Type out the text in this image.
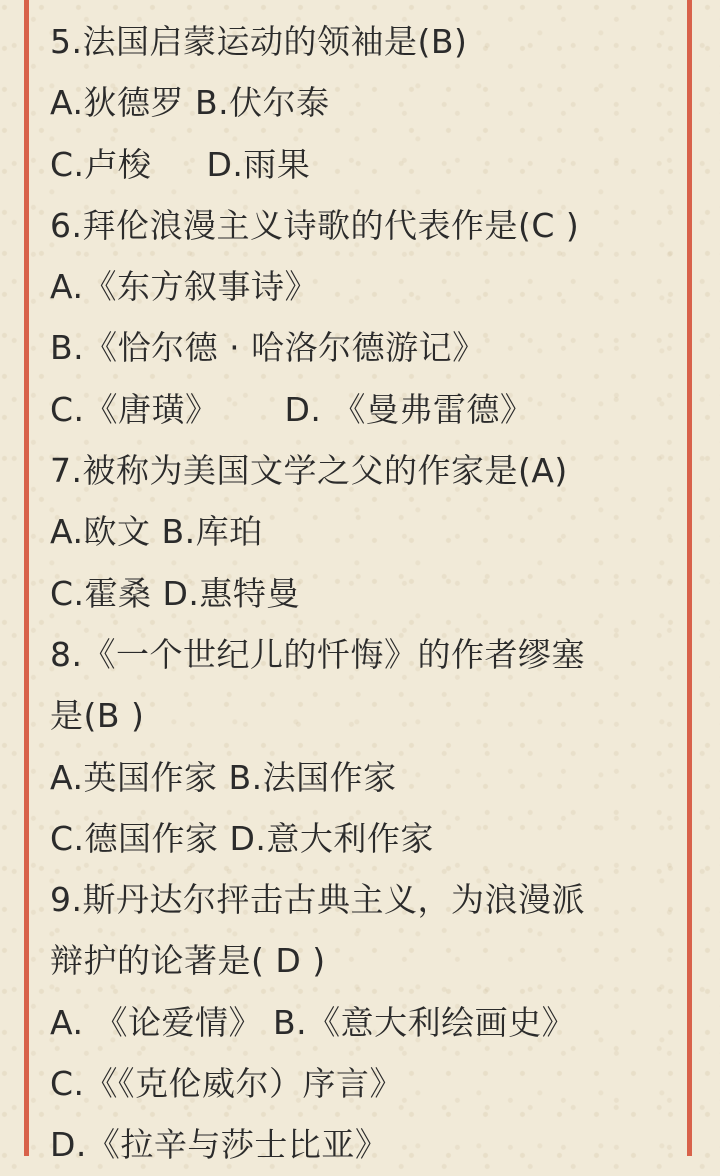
5.法国启蒙运动的领袖是(B)
A.狄德罗 B.伏尔泰
C.卢梭     D.雨果
6.拜伦浪漫主义诗歌的代表作是(C )
A.《东方叙事诗》
B.《恰尔德 · 哈洛尔德游记》
C.《唐璜》      D. 《曼弗雷德》
7.被称为美国文学之父的作家是(A)
A.欧文 B.库珀
C.霍桑 D.惠特曼
8.《一个世纪儿的忏悔》的作者缪塞
是(B )
A.英国作家 B.法国作家
C.德国作家 D.意大利作家
9.斯丹达尔抨击古典主义，为浪漫派
辩护的论著是( D )
A. 《论爱情》 B.《意大利绘画史》
C.《《克伦威尔）序言》
D.《拉辛与莎士比亚》
